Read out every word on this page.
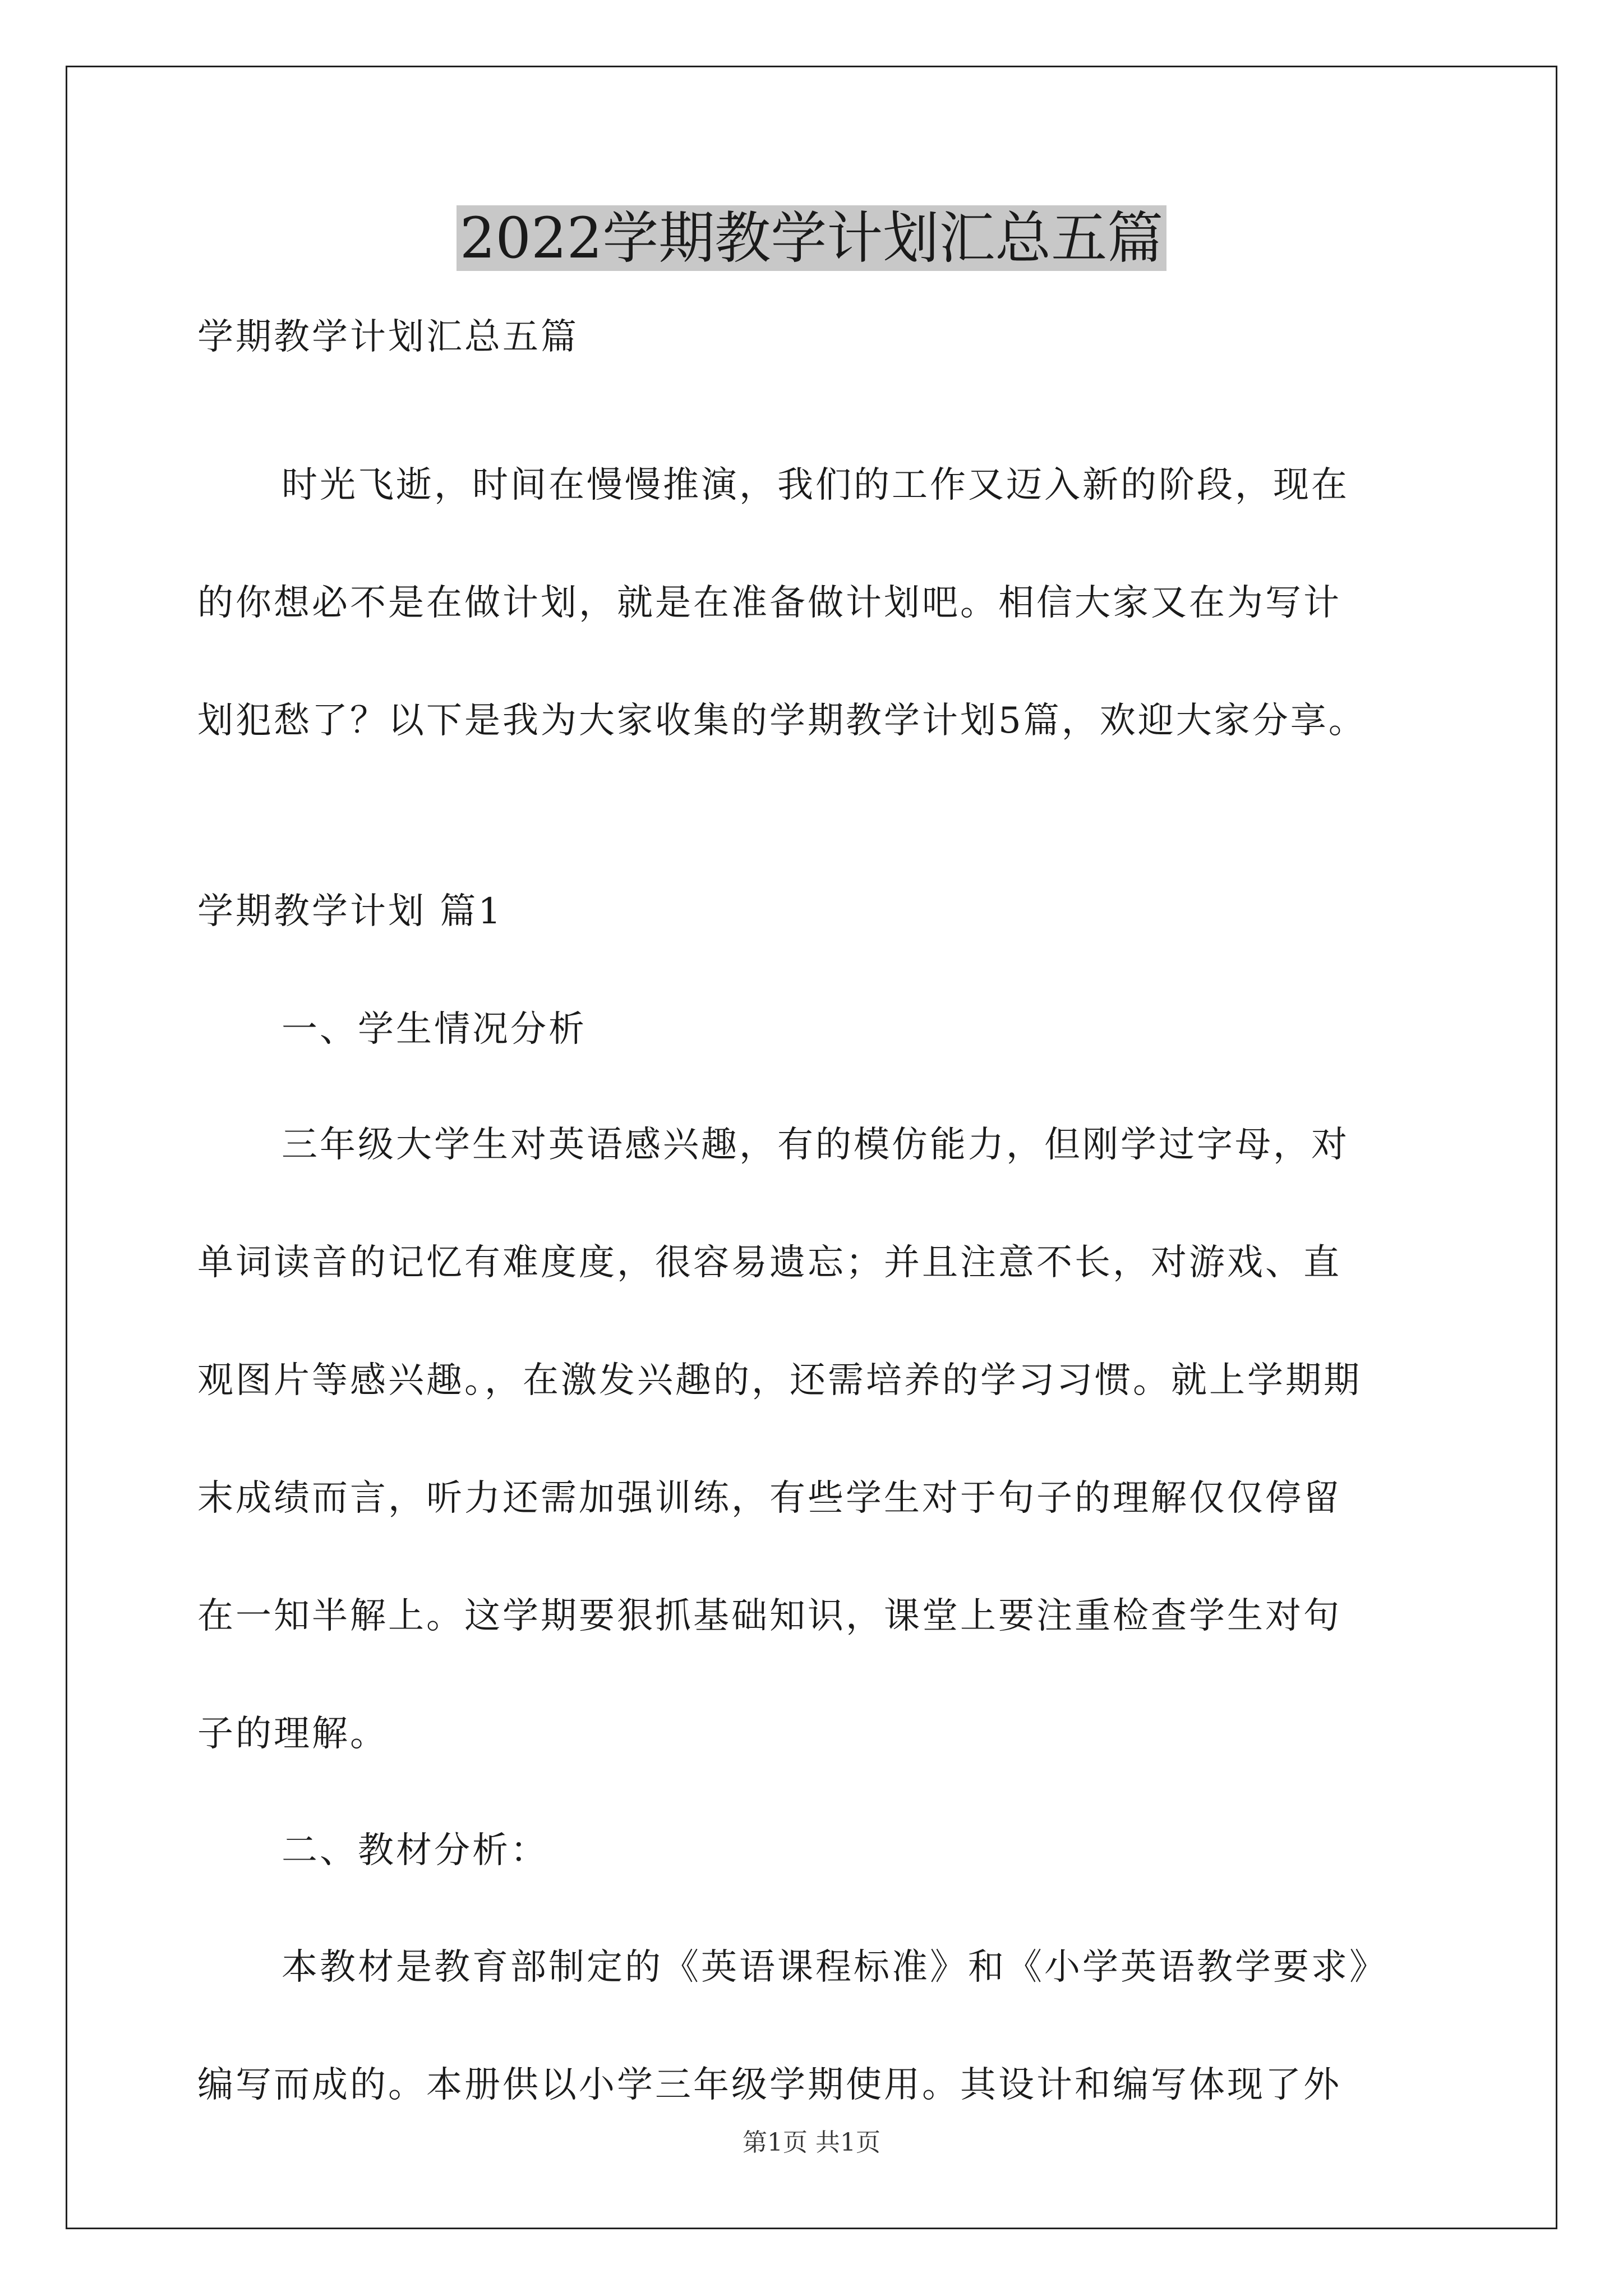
2022学期教学计划汇总五篇
学期教学计划汇总五篇
时光飞逝，时间在慢慢推演，我们的工作又迈入新的阶段，现在
的你想必不是在做计划，就是在准备做计划吧。相信大家又在为写计
划犯愁了？以下是我为大家收集的学期教学计划5篇，欢迎大家分享。
学期教学计划 篇1
一、学生情况分析
三年级大学生对英语感兴趣，有的模仿能力，但刚学过字母，对
单词读音的记忆有难度度，很容易遗忘；并且注意不长，对游戏、直
观图片等感兴趣。，在激发兴趣的，还需培养的学习习惯。就上学期期
末成绩而言，听力还需加强训练，有些学生对于句子的理解仅仅停留
在一知半解上。这学期要狠抓基础知识，课堂上要注重检查学生对句
子的理解。
二、教材分析：
本教材是教育部制定的《英语课程标准》和《小学英语教学要求》
编写而成的。本册供以小学三年级学期使用。其设计和编写体现了外
第1页 共1页
